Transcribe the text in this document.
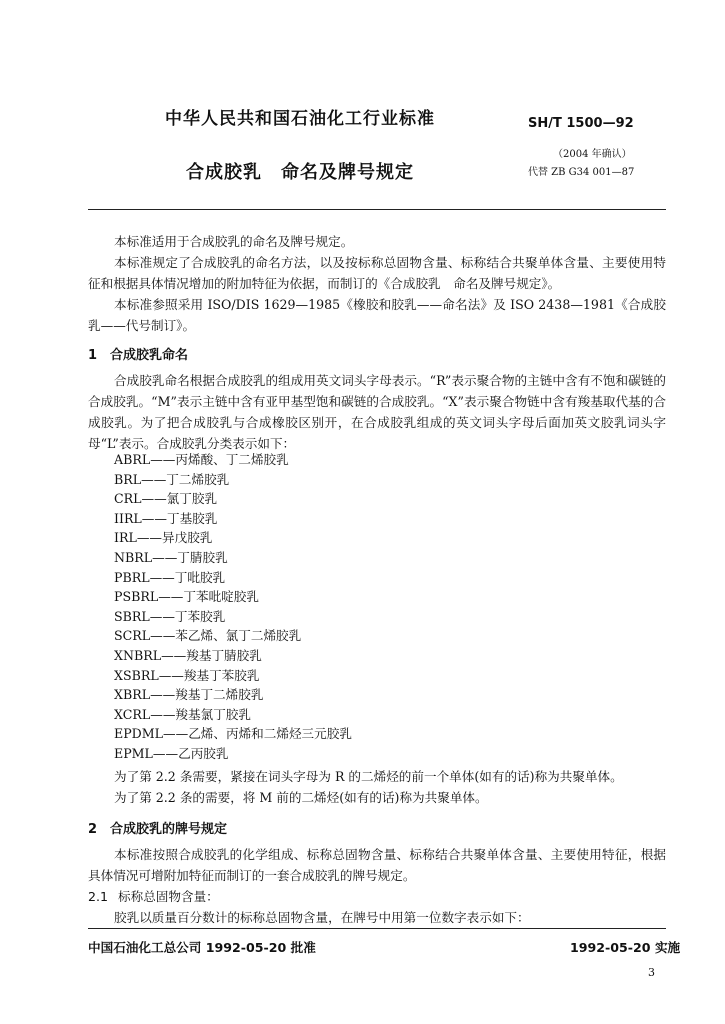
中华人民共和国石油化工行业标准
合成胶乳　命名及牌号规定
SH/T 1500—92
（2004 年确认）
代替 ZB G34 001—87
本标准适用于合成胶乳的命名及牌号规定。
本标准规定了合成胶乳的命名方法，以及按标称总固物含量、标称结合共聚单体含量、主要使用特征和根据具体情况增加的附加特征为依据，而制订的《合成胶乳　命名及牌号规定》。
本标准参照采用 ISO/DIS 1629—1985《橡胶和胶乳——命名法》及 ISO 2438—1981《合成胶乳——代号制订》。
1 合成胶乳命名
合成胶乳命名根据合成胶乳的组成用英文词头字母表示。“R”表示聚合物的主链中含有不饱和碳链的合成胶乳。“M”表示主链中含有亚甲基型饱和碳链的合成胶乳。“X”表示聚合物链中含有羧基取代基的合成胶乳。为了把合成胶乳与合成橡胶区别开，在合成胶乳组成的英文词头字母后面加英文胶乳词头字母“L”表示。合成胶乳分类表示如下：
ABRL——丙烯酸、丁二烯胶乳
BRL——丁二烯胶乳
CRL——氯丁胶乳
IIRL——丁基胶乳
IRL——异戊胶乳
NBRL——丁腈胶乳
PBRL——丁吡胶乳
PSBRL——丁苯吡啶胶乳
SBRL——丁苯胶乳
SCRL——苯乙烯、氯丁二烯胶乳
XNBRL——羧基丁腈胶乳
XSBRL——羧基丁苯胶乳
XBRL——羧基丁二烯胶乳
XCRL——羧基氯丁胶乳
EPDML——乙烯、丙烯和二烯烃三元胶乳
EPML——乙丙胶乳
为了第 2.2 条需要，紧接在词头字母为 R 的二烯烃的前一个单体(如有的话)称为共聚单体。
为了第 2.2 条的需要，将 M 前的二烯烃(如有的话)称为共聚单体。
2 合成胶乳的牌号规定
本标准按照合成胶乳的化学组成、标称总固物含量、标称结合共聚单体含量、主要使用特征，根据具体情况可增附加特征而制订的一套合成胶乳的牌号规定。
2.1 标称总固物含量：
胶乳以质量百分数计的标称总固物含量，在牌号中用第一位数字表示如下：
中国石油化工总公司 1992-05-20 批准	1992-05-20 实施
3
